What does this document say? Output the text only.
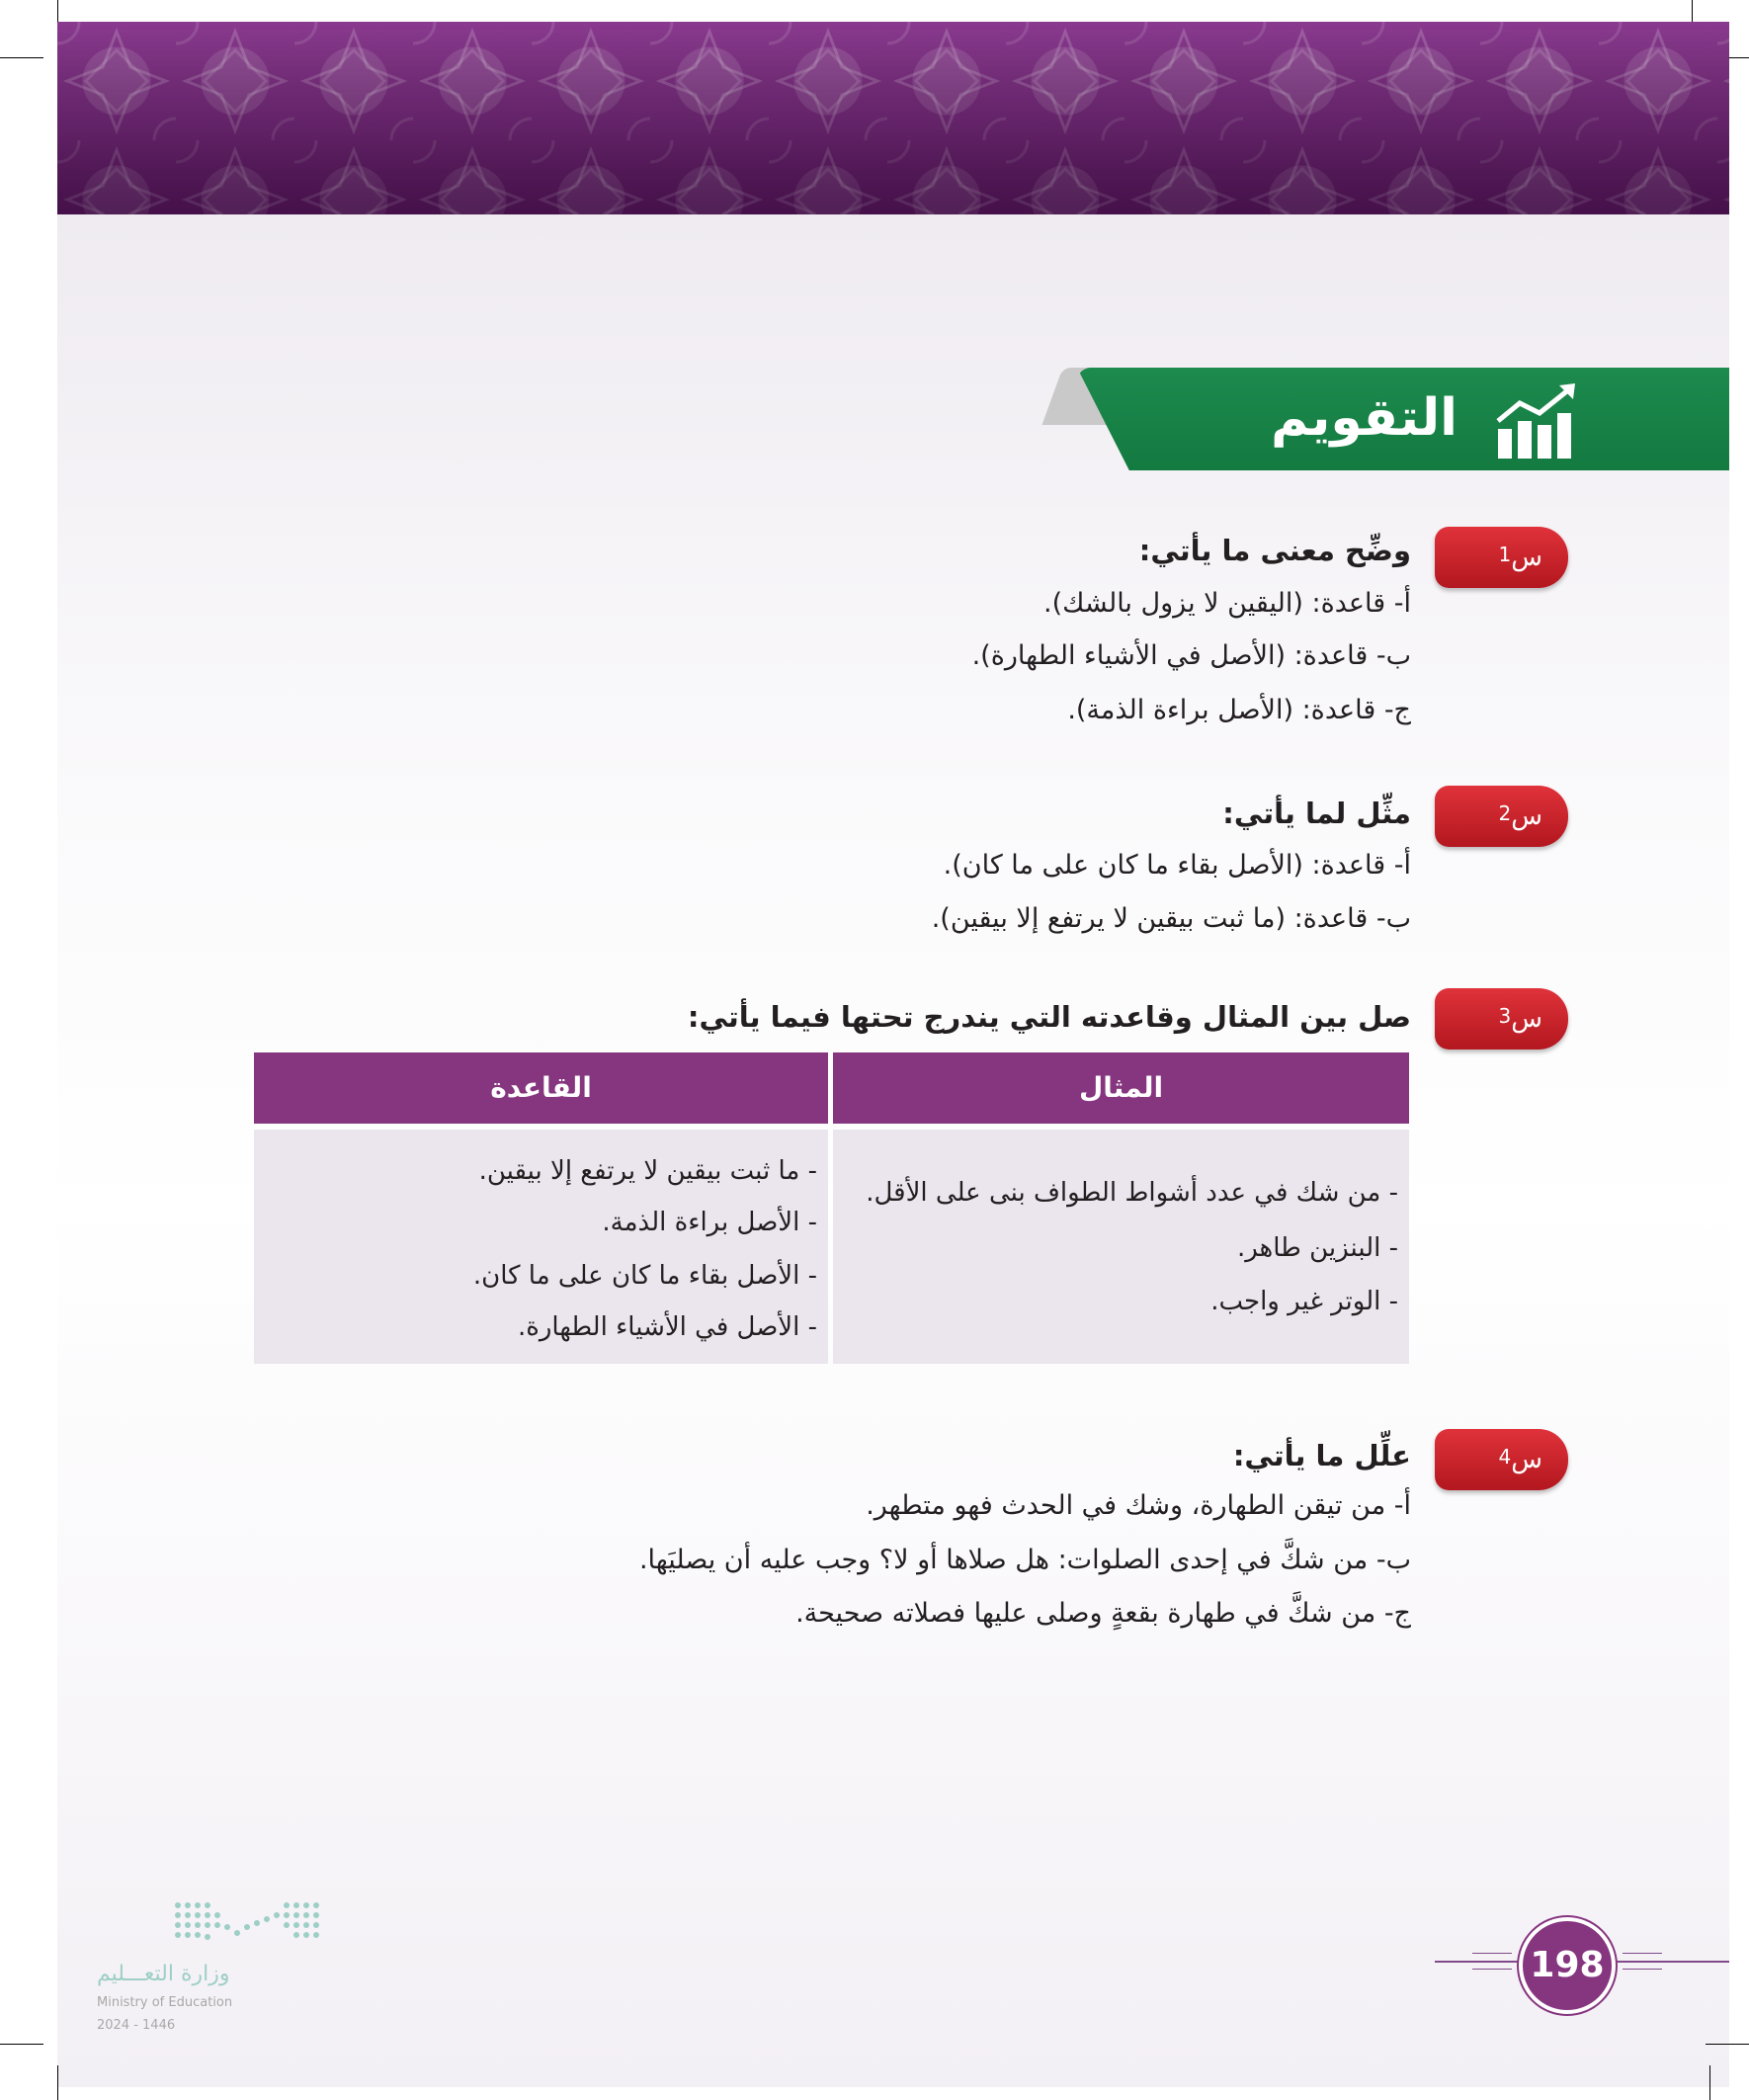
التقويم
س1
وضِّح معنى ما يأتي:
أ- قاعدة: (اليقين لا يزول بالشك).
ب- قاعدة: (الأصل في الأشياء الطهارة).
ج- قاعدة: (الأصل براءة الذمة).
س2
مثِّل لما يأتي:
أ- قاعدة: (الأصل بقاء ما كان على ما كان).
ب- قاعدة: (ما ثبت بيقين لا يرتفع إلا بيقين).
س3
صل بين المثال وقاعدته التي يندرج تحتها فيما يأتي:
المثال
القاعدة
- من شك في عدد أشواط الطواف بنى على الأقل.
- البنزين طاهر.
- الوتر غير واجب.
- ما ثبت بيقين لا يرتفع إلا بيقين.
- الأصل براءة الذمة.
- الأصل بقاء ما كان على ما كان.
- الأصل في الأشياء الطهارة.
س4
علِّل ما يأتي:
أ- من تيقن الطهارة، وشك في الحدث فهو متطهر.
ب- من شكَّ في إحدى الصلوات: هل صلاها أو لا؟ وجب عليه أن يصليَها.
ج- من شكَّ في طهارة بقعةٍ وصلى عليها فصلاته صحيحة.
198
وزارة التعـــليم
Ministry of Education
2024 - 1446
